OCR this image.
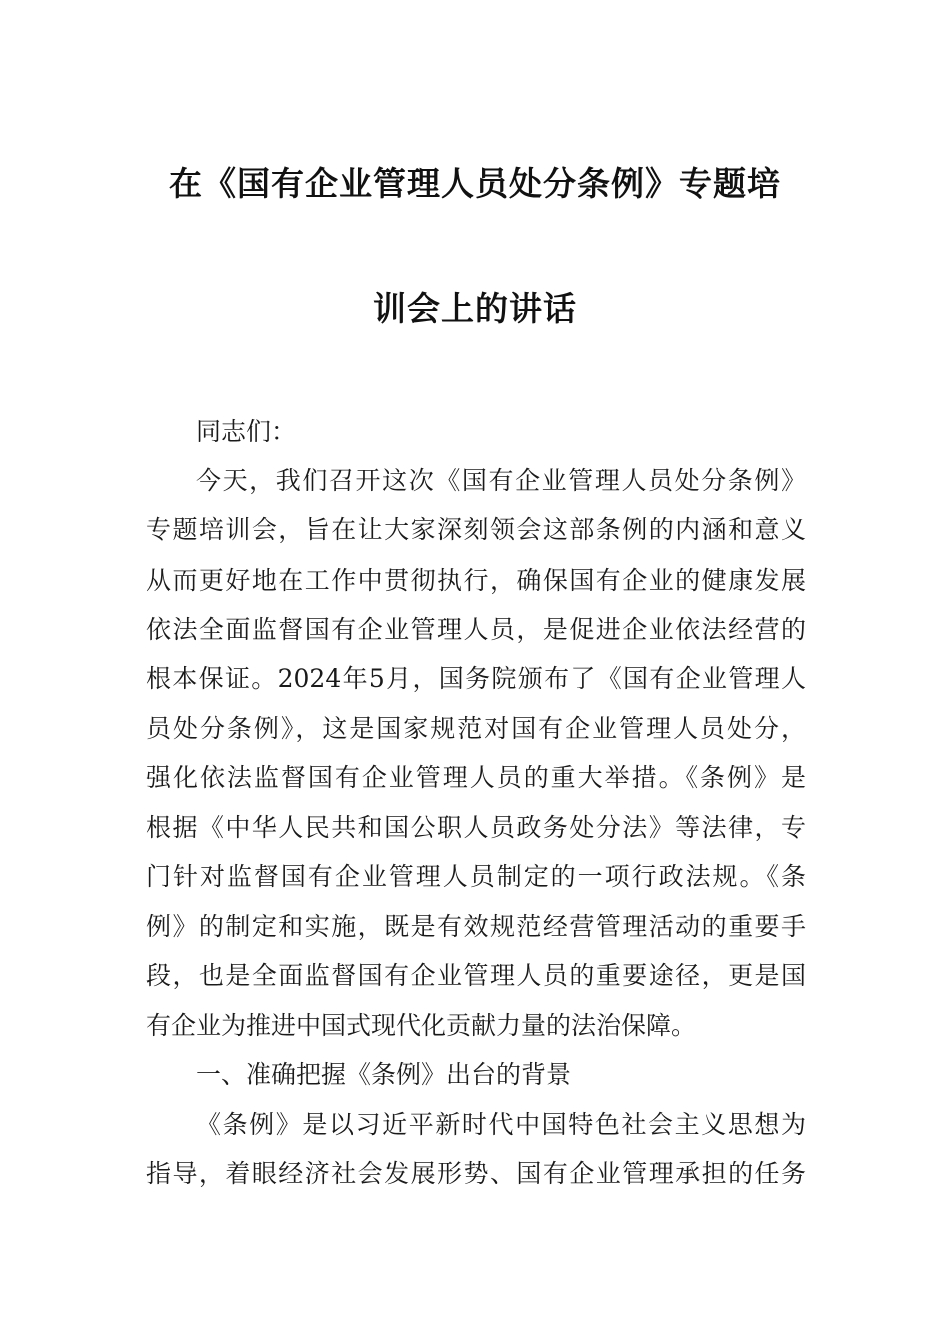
在《国有企业管理人员处分条例》专题培
训会上的讲话
同志们：
今天，我们召开这次《国有企业管理人员处分条例》
专题培训会，旨在让大家深刻领会这部条例的内涵和意义
从而更好地在工作中贯彻执行，确保国有企业的健康发展
依法全面监督国有企业管理人员，是促进企业依法经营的
根本保证。2024年5月，国务院颁布了《国有企业管理人
员处分条例》，这是国家规范对国有企业管理人员处分，
强化依法监督国有企业管理人员的重大举措。《条例》是
根据《中华人民共和国公职人员政务处分法》等法律，专
门针对监督国有企业管理人员制定的一项行政法规。《条
例》的制定和实施，既是有效规范经营管理活动的重要手
段，也是全面监督国有企业管理人员的重要途径，更是国
有企业为推进中国式现代化贡献力量的法治保障。
一、准确把握《条例》出台的背景
《条例》是以习近平新时代中国特色社会主义思想为
指导，着眼经济社会发展形势、国有企业管理承担的任务
